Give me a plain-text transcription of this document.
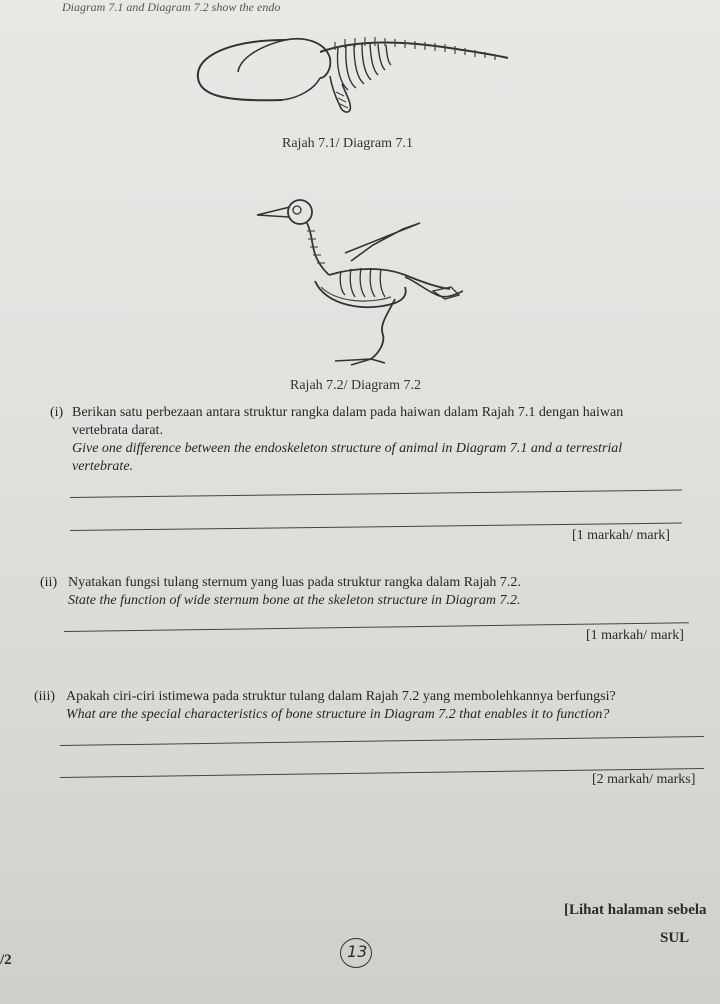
Diagram 7.1 and Diagram 7.2 show the endo
Rajah 7.1/ Diagram 7.1
Rajah 7.2/ Diagram 7.2
(i) Berikan satu perbezaan antara struktur rangka dalam pada haiwan dalam Rajah 7.1 dengan haiwan
vertebrata darat.
Give one difference between the endoskeleton structure of animal in Diagram 7.1 and a terrestrial
vertebrate.
[1 markah/ mark]
(ii) Nyatakan fungsi tulang sternum yang luas pada struktur rangka dalam Rajah 7.2.
State the function of wide sternum bone at the skeleton structure in Diagram 7.2.
[1 markah/ mark]
(iii) Apakah ciri-ciri istimewa pada struktur tulang dalam Rajah 7.2 yang membolehkannya berfungsi?
What are the special characteristics of bone structure in Diagram 7.2 that enables it to function?
[2 markah/ marks]
[Lihat halaman sebela
SUL
/2	13
